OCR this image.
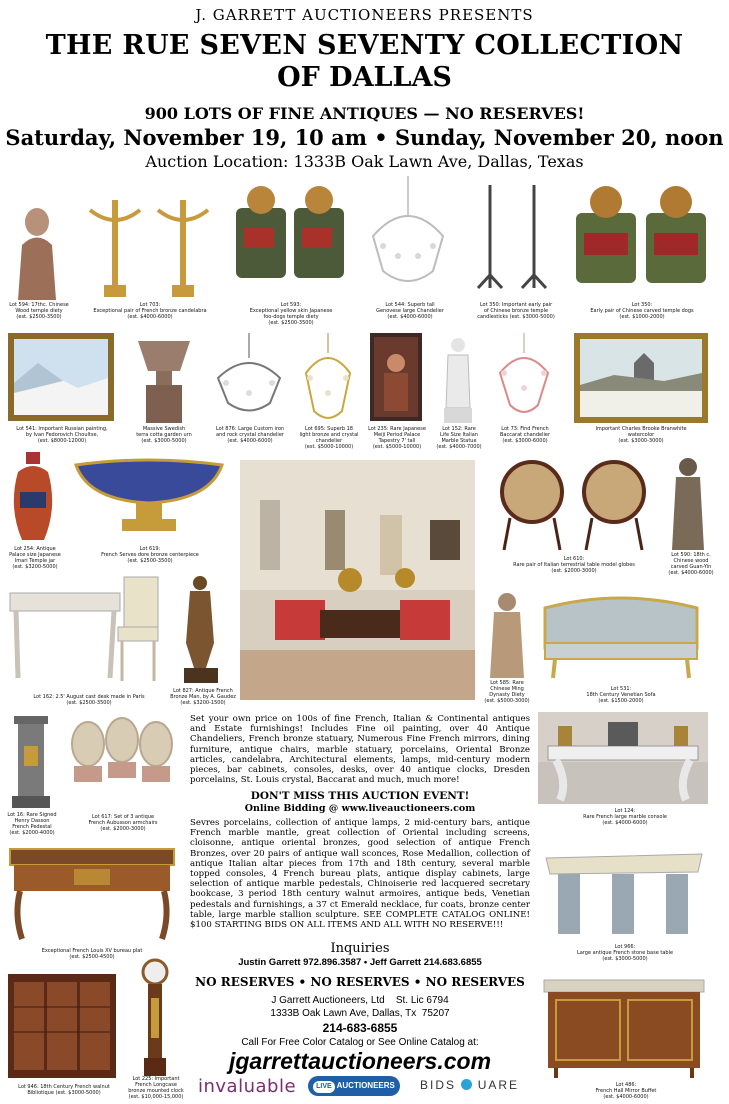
J. GARRETT AUCTIONEERS PRESENTS
THE RUE SEVEN SEVENTY COLLECTION
OF DALLAS
900 LOTS OF FINE ANTIQUES — NO RESERVES!
Saturday, November 19, 10 am • Sunday, November 20, noon
Auction Location: 1333B Oak Lawn Ave, Dallas, Texas
Lot 594: 17thc. Chinese
Wood temple diety
(est. $2500-3500)
Lot 703:
Exceptional pair of French bronze candelabra
(est. $4000-6000)
Lot 593:
Exceptional yellow skin Japanese
foo-dogs temple diety
(est. $2500-3500)
Lot 544: Superb tall
Genovese large Chandelier
(est. $4000-6000)
Lot 350: Important early pair
of Chinese bronze temple
candlesticks (est. $3000-5000)
Lot 350:
Early pair of Chinese carved temple dogs
(est. $1000-2000)
Lot 541: Important Russian painting,
by Ivan Fedorovich Choultse,
(est. $8000-12000)
Massive Swedish
terra cotta garden urn
(est. $3000-5000)
Lot 876: Large Custom iron
and rock crystal chandelier
(est. $4000-6000)
Lot 695: Superb 18
light bronze and crystal
chandelier
(est. $5000-10000)
Lot 235: Rare Japanese
Meiji Period Palace
Tapestry 7' tall
(est. $5000-10000)
Lot 152: Rare
Life Size Italian
Marble Statue
(est. $4000-7000)
Lot 73: Find French
Baccarat chandelier
(est. $3000-6000)
Important Charles Brooke Branwhite
watercolor
(est. $3000-3000)
Lot 254: Antique
Palace size Japanese
Imari Temple jar
(est. $3200-5000)
Lot 619:
French Serves dore bronze centerpiece
(est. $2500-3500)	Lot 610:
Rare pair of Italian terrestrial table model globes
(est. $2000-3000)
Lot 590: 18th c.
Chinese wood
carved Guan-Yin
(est. $4000-6000)
Lot 162: 2.5' August cast desk made in Paris
(est. $2500-3500)
Lot 827: Antique French
Bronze Man, by A. Gaudez
(est. $3200-1500)
Lot 585: Rare
Chinese Ming
Dynasty Diety
(est. $5000-3000)
Lot 531:
18th Century Venetian Sofa
(est. $1500-2000)
Lot 16: Rare Signed
Henry Dasson
French Pedestal
(est. $2000-4000)
Lot 617: Set of 3 antique
French Aubusson armchairs
(est. $2000-3000)
Lot 124:
Rare French large marble console
(est. $4000-6000)
Exceptional French Louis XV bureau plat
(est. $2500-4500)
Lot 966:
Large antique French stone base table
(est. $3000-5000)
Lot 946: 18th Century French walnut
Bibliotique (est. $3000-5000)
Lot 225: Important
French Longcase
bronze mounted clock
(est. $10,000-15,000)
Lot 486:
French Hall Mirror Buffet
(est. $4000-6000)
Set your own price on 100s of fine French, Italian & Continental antiques and Estate furnishings! Includes Fine oil painting, over 40 Antique Chandeliers, French bronze statuary, Numerous Fine French mirrors, dining furniture, antique chairs, marble statuary, porcelains, Oriental Bronze articles, candelabra, Architectural elements, lamps, mid-century modern pieces, bar cabinets, consoles, desks, over 40 antique clocks, Dresden porcelains, St. Louis crystal, Baccarat and much, much more!
DON'T MISS THIS AUCTION EVENT!
Online Bidding @ www.liveauctioneers.com
Sevres porcelains, collection of antique lamps, 2 mid-century bars, antique French marble mantle, great collection of Oriental including screens, cloisonne, antique oriental bronzes, good selection of antique French Bronzes, over 20 pairs of antique wall sconces, Rose Medallion, collection of antique Italian altar pieces from 17th and 18th century, several marble topped consoles, 4 French bureau plats, antique display cabinets, large selection of antique marble pedestals, Chinoiserie red lacquered secretary bookcase, 3 period 18th century walnut armoires, antique beds, Venetian pedestals and furnishings, a 37 ct Emerald necklace, fur coats, bronze center table, large marble stallion sculpture. SEE COMPLETE CATALOG ONLINE! $100 STARTING BIDS ON ALL ITEMS AND ALL WITH NO RESERVE!!!
Inquiries
Justin Garrett 972.896.3587 • Jeff Garrett 214.683.6855
NO RESERVES • NO RESERVES • NO RESERVES
J Garrett Auctioneers, Ltd    St. Lic 6794
1333B Oak Lawn Ave, Dallas, Tx  75207
214-683-6855
Call For Free Color Catalog or See Online Catalog at:
jgarrettauctioneers.com
invaluable	LIVE AUCTIONEERS	BIDS UARE
